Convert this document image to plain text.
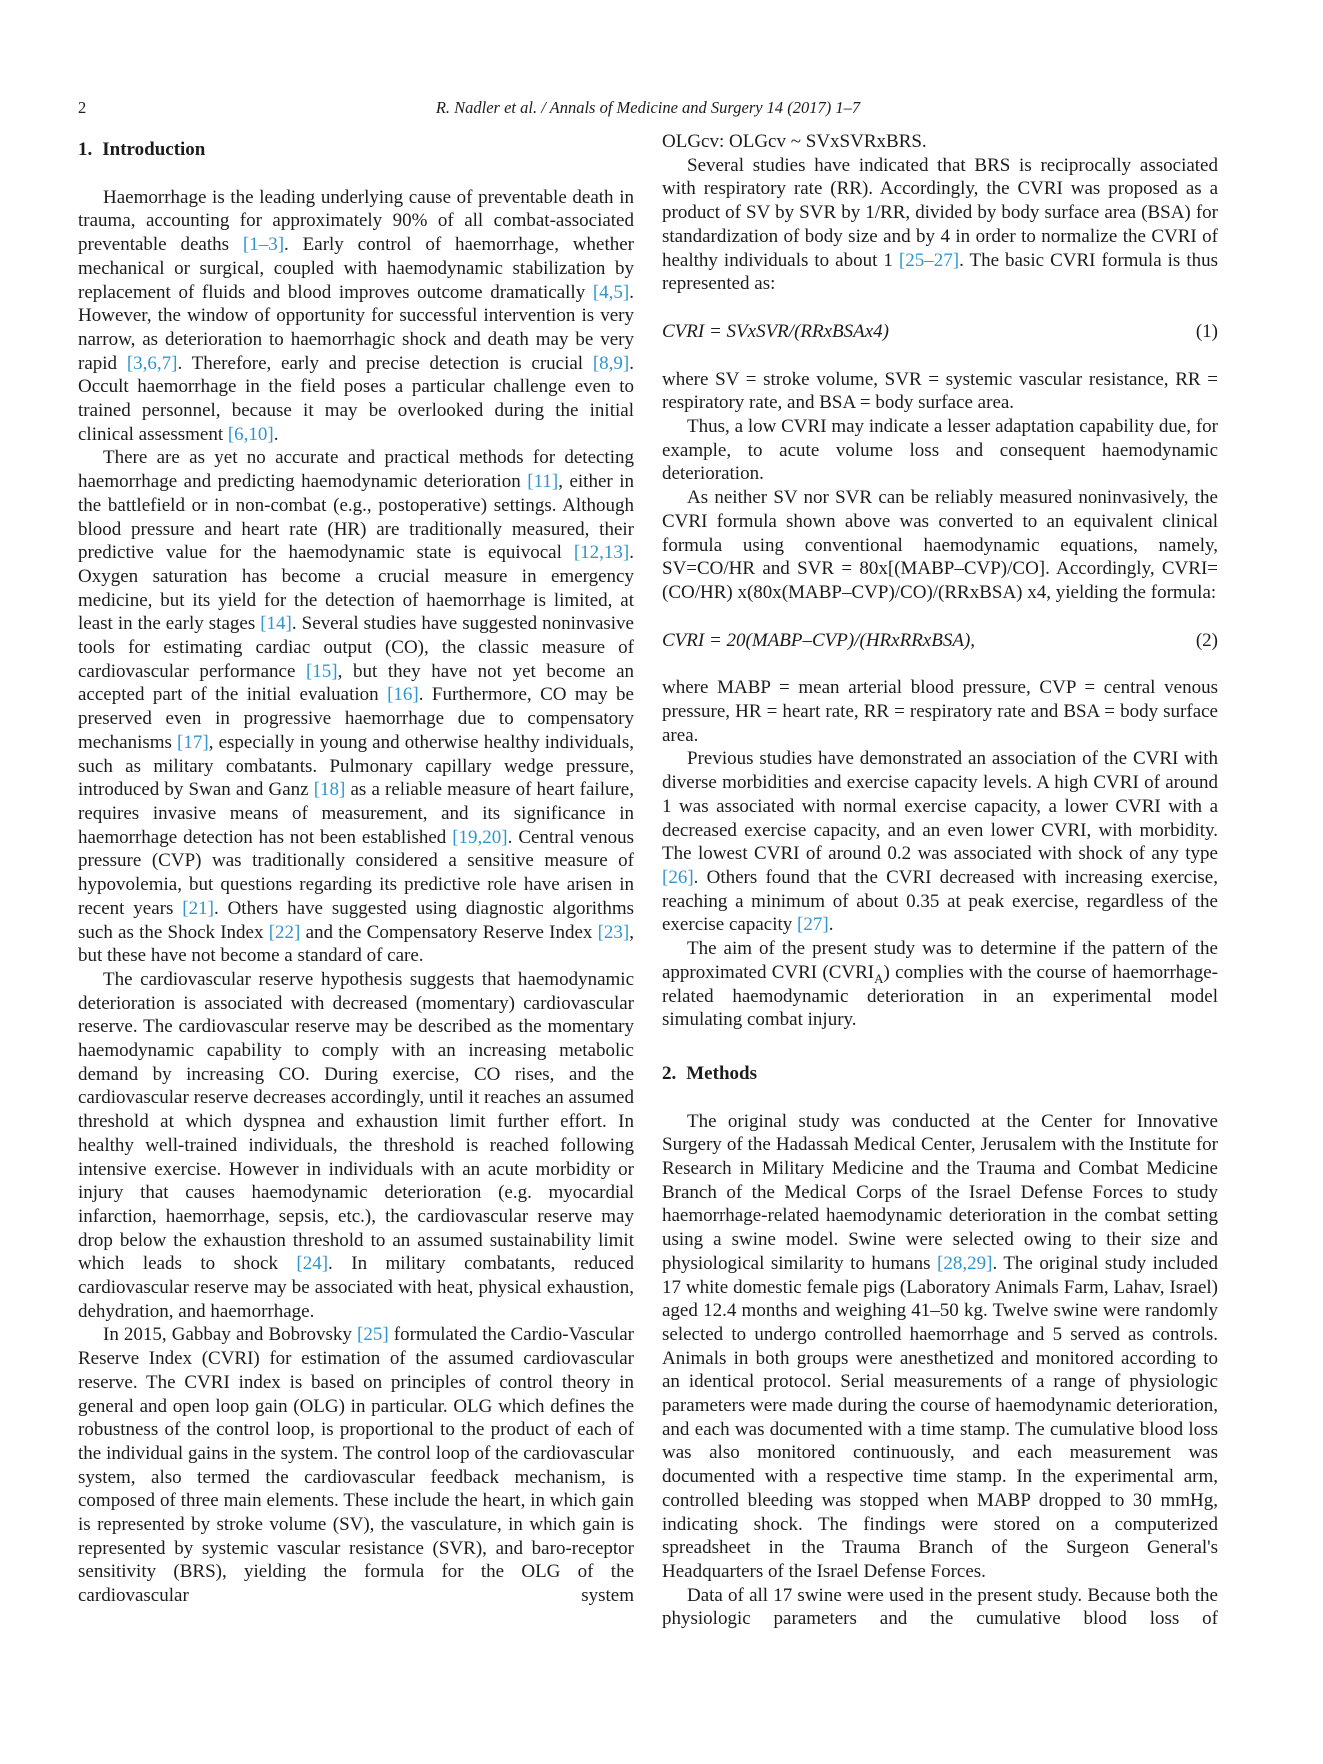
2	R. Nadler et al. / Annals of Medicine and Surgery 14 (2017) 1–7
1. Introduction

Haemorrhage is the leading underlying cause of preventable death in trauma, accounting for approximately 90% of all combat-associated preventable deaths [1–3]. Early control of haemorrhage, whether mechanical or surgical, coupled with haemodynamic stabilization by replacement of fluids and blood improves outcome dramatically [4,5]. However, the window of opportunity for successful intervention is very narrow, as deterioration to haemorrhagic shock and death may be very rapid [3,6,7]. Therefore, early and precise detection is crucial [8,9]. Occult haemorrhage in the field poses a particular challenge even to trained personnel, because it may be overlooked during the initial clinical assessment [6,10].

There are as yet no accurate and practical methods for detecting haemorrhage and predicting haemodynamic deterioration [11], either in the battlefield or in non-combat (e.g., postoperative) settings. Although blood pressure and heart rate (HR) are traditionally measured, their predictive value for the haemodynamic state is equivocal [12,13]. Oxygen saturation has become a crucial measure in emergency medicine, but its yield for the detection of haemorrhage is limited, at least in the early stages [14]. Several studies have suggested noninvasive tools for estimating cardiac output (CO), the classic measure of cardiovascular performance [15], but they have not yet become an accepted part of the initial evaluation [16]. Furthermore, CO may be preserved even in progressive haemorrhage due to compensatory mechanisms [17], especially in young and otherwise healthy individuals, such as military combatants. Pulmonary capillary wedge pressure, introduced by Swan and Ganz [18] as a reliable measure of heart failure, requires invasive means of measurement, and its significance in haemorrhage detection has not been established [19,20]. Central venous pressure (CVP) was traditionally considered a sensitive measure of hypovolemia, but questions regarding its predictive role have arisen in recent years [21]. Others have suggested using diagnostic algorithms such as the Shock Index [22] and the Compensatory Reserve Index [23], but these have not become a standard of care.

The cardiovascular reserve hypothesis suggests that haemodynamic deterioration is associated with decreased (momentary) cardiovascular reserve. The cardiovascular reserve may be described as the momentary haemodynamic capability to comply with an increasing metabolic demand by increasing CO. During exercise, CO rises, and the cardiovascular reserve decreases accordingly, until it reaches an assumed threshold at which dyspnea and exhaustion limit further effort. In healthy well-trained individuals, the threshold is reached following intensive exercise. However in individuals with an acute morbidity or injury that causes haemodynamic deterioration (e.g. myocardial infarction, haemorrhage, sepsis, etc.), the cardiovascular reserve may drop below the exhaustion threshold to an assumed sustainability limit which leads to shock [24]. In military combatants, reduced cardiovascular reserve may be associated with heat, physical exhaustion, dehydration, and haemorrhage.

In 2015, Gabbay and Bobrovsky [25] formulated the Cardio-Vascular Reserve Index (CVRI) for estimation of the assumed cardiovascular reserve. The CVRI index is based on principles of control theory in general and open loop gain (OLG) in particular. OLG which defines the robustness of the control loop, is proportional to the product of each of the individual gains in the system. The control loop of the cardiovascular system, also termed the cardiovascular feedback mechanism, is composed of three main elements. These include the heart, in which gain is represented by stroke volume (SV), the vasculature, in which gain is represented by systemic vascular resistance (SVR), and baro-receptor sensitivity (BRS), yielding the formula for the OLG of the cardiovascular system

OLGcv: OLGcv ~ SVxSVRxBRS.

Several studies have indicated that BRS is reciprocally associated with respiratory rate (RR). Accordingly, the CVRI was proposed as a product of SV by SVR by 1/RR, divided by body surface area (BSA) for standardization of body size and by 4 in order to normalize the CVRI of healthy individuals to about 1 [25–27]. The basic CVRI formula is thus represented as:

CVRI = SVxSVR/(RRxBSAx4)	(1)

where SV = stroke volume, SVR = systemic vascular resistance, RR = respiratory rate, and BSA = body surface area.

Thus, a low CVRI may indicate a lesser adaptation capability due, for example, to acute volume loss and consequent haemodynamic deterioration.

As neither SV nor SVR can be reliably measured noninvasively, the CVRI formula shown above was converted to an equivalent clinical formula using conventional haemodynamic equations, namely, SV=CO/HR and SVR = 80x[(MABP–CVP)/CO]. Accordingly, CVRI=(CO/HR) x(80x(MABP–CVP)/CO)/(RRxBSA) x4, yielding the formula:

CVRI = 20(MABP–CVP)/(HRxRRxBSA),	(2)

where MABP = mean arterial blood pressure, CVP = central venous pressure, HR = heart rate, RR = respiratory rate and BSA = body surface area.

Previous studies have demonstrated an association of the CVRI with diverse morbidities and exercise capacity levels. A high CVRI of around 1 was associated with normal exercise capacity, a lower CVRI with a decreased exercise capacity, and an even lower CVRI, with morbidity. The lowest CVRI of around 0.2 was associated with shock of any type [26]. Others found that the CVRI decreased with increasing exercise, reaching a minimum of about 0.35 at peak exercise, regardless of the exercise capacity [27].

The aim of the present study was to determine if the pattern of the approximated CVRI $(CVRI_A)$ complies with the course of haemorrhage-related haemodynamic deterioration in an experimental model simulating combat injury.

2. Methods

The original study was conducted at the Center for Innovative Surgery of the Hadassah Medical Center, Jerusalem with the Institute for Research in Military Medicine and the Trauma and Combat Medicine Branch of the Medical Corps of the Israel Defense Forces to study haemorrhage-related haemodynamic deterioration in the combat setting using a swine model. Swine were selected owing to their size and physiological similarity to humans [28,29]. The original study included 17 white domestic female pigs (Laboratory Animals Farm, Lahav, Israel) aged 12.4 months and weighing 41–50 kg. Twelve swine were randomly selected to undergo controlled haemorrhage and 5 served as controls. Animals in both groups were anesthetized and monitored according to an identical protocol. Serial measurements of a range of physiologic parameters were made during the course of haemodynamic deterioration, and each was documented with a time stamp. The cumulative blood loss was also monitored continuously, and each measurement was documented with a respective time stamp. In the experimental arm, controlled bleeding was stopped when MABP dropped to 30 mmHg, indicating shock. The findings were stored on a computerized spreadsheet in the Trauma Branch of the Surgeon General's Headquarters of the Israel Defense Forces.

Data of all 17 swine were used in the present study. Because both the physiologic parameters and the cumulative blood loss of
